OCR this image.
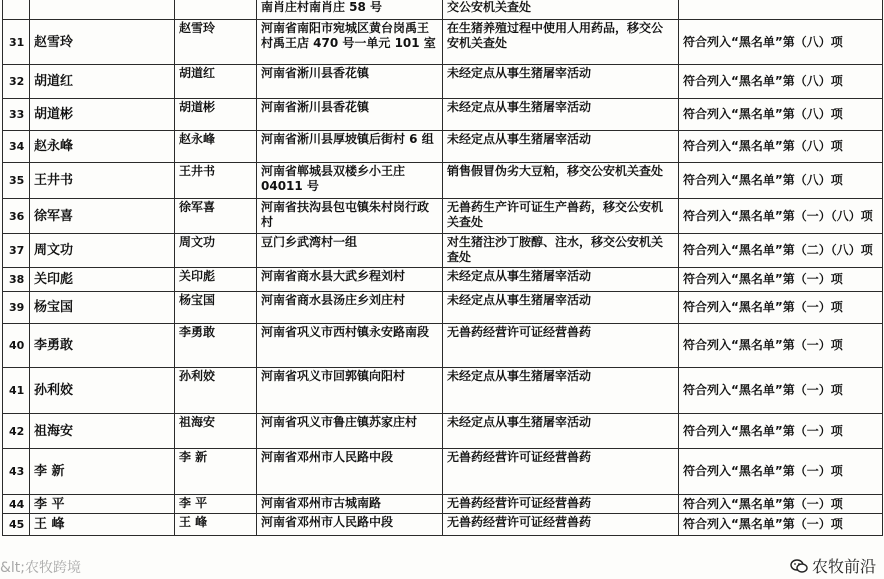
			南肖庄村南肖庄 58 号	交公安机关查处	
31	赵雪玲	赵雪玲	河南省南阳市宛城区黄台岗禹王村禹王店 470 号一单元 101 室	在生猪养殖过程中使用人用药品，移交公安机关查处	符合列入“黑名单”第（八）项
32	胡道红	胡道红	河南省淅川县香花镇	未经定点从事生猪屠宰活动	符合列入“黑名单”第（八）项
33	胡道彬	胡道彬	河南省淅川县香花镇	未经定点从事生猪屠宰活动	符合列入“黑名单”第（八）项
34	赵永峰	赵永峰	河南省淅川县厚坡镇后街村 6 组	未经定点从事生猪屠宰活动	符合列入“黑名单”第（八）项
35	王井书	王井书	河南省郸城县双楼乡小王庄 04011 号	销售假冒伪劣大豆粕，移交公安机关查处	符合列入“黑名单”第（八）项
36	徐军喜	徐军喜	河南省扶沟县包屯镇朱村岗行政村	无兽药生产许可证生产兽药，移交公安机关查处	符合列入“黑名单”第（一）（八）项
37	周文功	周文功	豆门乡武湾村一组	对生猪注沙丁胺醇、注水，移交公安机关查处	符合列入“黑名单”第（二）（八）项
38	关印彪	关印彪	河南省商水县大武乡程刘村	未经定点从事生猪屠宰活动	符合列入“黑名单”第（一）项
39	杨宝国	杨宝国	河南省商水县汤庄乡刘庄村	未经定点从事生猪屠宰活动	符合列入“黑名单”第（一）项
40	李勇敢	李勇敢	河南省巩义市西村镇永安路南段	无兽药经营许可证经营兽药	符合列入“黑名单”第（一）项
41	孙利姣	孙利姣	河南省巩义市回郭镇向阳村	未经定点从事生猪屠宰活动	符合列入“黑名单”第（一）项
42	祖海安	祖海安	河南省巩义市鲁庄镇苏家庄村	未经定点从事生猪屠宰活动	符合列入“黑名单”第（一）项
43	李 新	李 新	河南省邓州市人民路中段	无兽药经营许可证经营兽药	符合列入“黑名单”第（一）项
44	李 平	李 平	河南省邓州市古城南路	无兽药经营许可证经营兽药	符合列入“黑名单”第（一）项
45	王 峰	王 峰	河南省邓州市人民路中段	无兽药经营许可证经营兽药	符合列入“黑名单”第（一）项
&lt;农牧跨境	农牧前沿
